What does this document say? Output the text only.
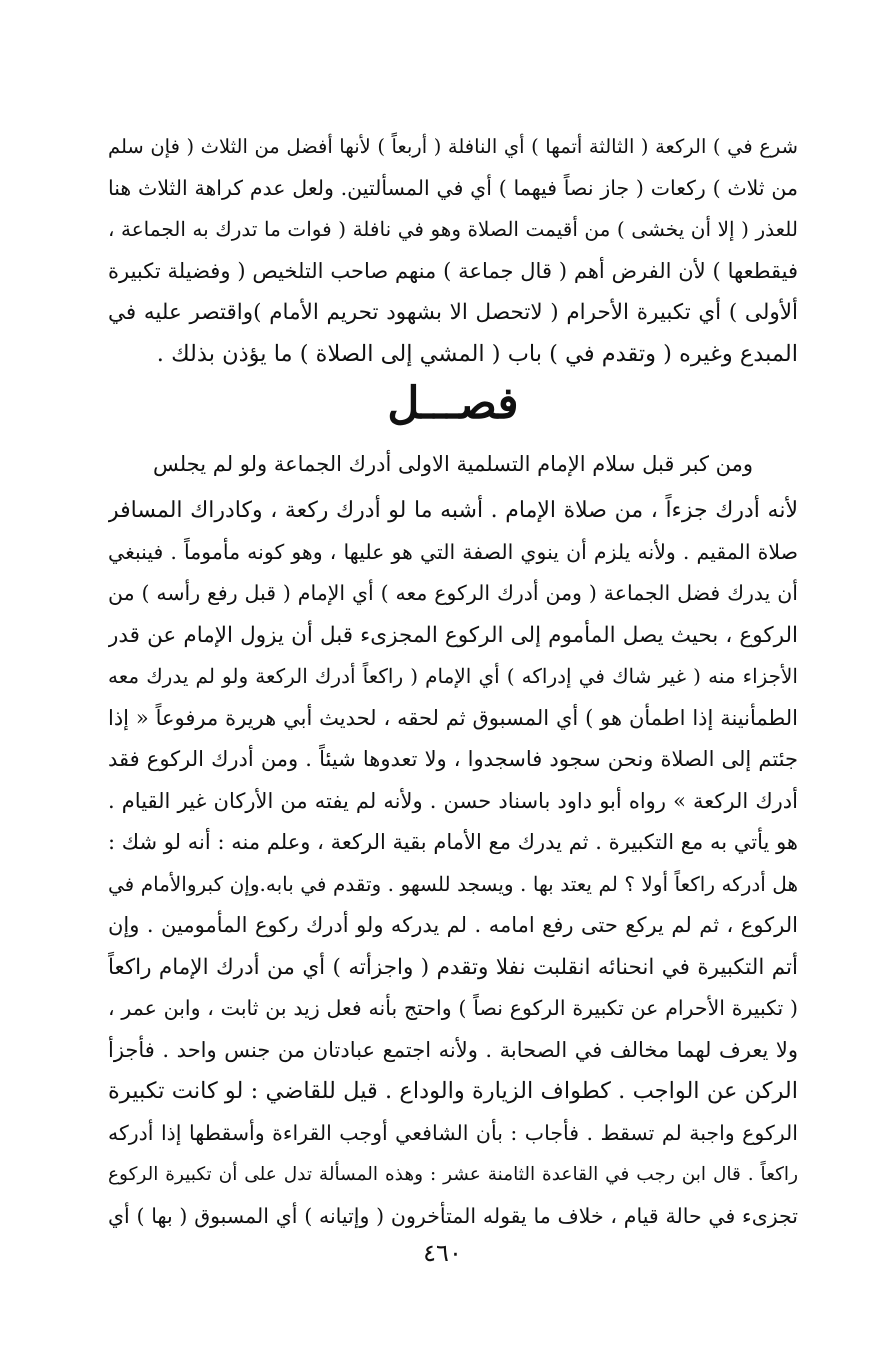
شرع في ) الركعة ( الثالثة أتمها ) أي النافلة ( أربعاً ) لأنها أفضل من الثلاث ( فإن سلم
من ثلاث ) ركعات ( جاز نصاً فيهما ) أي في المسألتين. ولعل عدم كراهة الثلاث هنا
للعذر ( إلا أن يخشى ) من أقيمت الصلاة وهو في نافلة ( فوات ما تدرك به الجماعة ،
فيقطعها ) لأن الفرض أهم ( قال جماعة ) منهم صاحب التلخيص ( وفضيلة تكبيرة
ألأولى ) أي تكبيرة الأحرام ( لاتحصل الا بشهود تحريم الأمام )واقتصر عليه في
المبدع وغيره ( وتقدم في ) باب ( المشي إلى الصلاة ) ما يؤذن بذلك .
فصـــل
ومن كبر قبل سلام الإمام التسلمية الاولى أدرك الجماعة ولو لم يجلس
لأنه أدرك جزءاً ، من صلاة الإمام . أشبه ما لو أدرك ركعة ، وكادراك المسافر
صلاة المقيم . ولأنه يلزم أن ينوي الصفة التي هو عليها ، وهو كونه مأموماً . فينبغي
أن يدرك فضل الجماعة ( ومن أدرك الركوع معه ) أي الإمام ( قبل رفع رأسه ) من
الركوع ، بحيث يصل المأموم إلى الركوع المجزىء قبل أن يزول الإمام عن قدر
الأجزاء منه ( غير شاك في إدراكه ) أي الإمام ( راكعاً أدرك الركعة ولو لم يدرك معه
الطمأنينة إذا اطمأن هو ) أي المسبوق ثم لحقه ، لحديث أبي هريرة مرفوعاً « إذا
جئتم إلى الصلاة ونحن سجود فاسجدوا ، ولا تعدوها شيئاً . ومن أدرك الركوع فقد
أدرك الركعة » رواه أبو داود باسناد حسن . ولأنه لم يفته من الأركان غير القيام .
هو يأتي به مع التكبيرة . ثم يدرك مع الأمام بقية الركعة ، وعلم منه : أنه لو شك :
هل أدركه راكعاً أولا ؟ لم يعتد بها . ويسجد للسهو . وتقدم في بابه.وإن كبروالأمام في
الركوع ، ثم لم يركع حتى رفع امامه . لم يدركه ولو أدرك ركوع المأمومين . وإن
أتم التكبيرة في انحنائه انقلبت نفلا وتقدم ( واجزأته ) أي من أدرك الإمام راكعاً
( تكبيرة الأحرام عن تكبيرة الركوع نصاً ) واحتج بأنه فعل زيد بن ثابت ، وابن عمر ،
ولا يعرف لهما مخالف في الصحابة . ولأنه اجتمع عبادتان من جنس واحد . فأجزأ
الركن عن الواجب . كطواف الزيارة والوداع . قيل للقاضي : لو كانت تكبيرة
الركوع واجبة لم تسقط . فأجاب : بأن الشافعي أوجب القراءة وأسقطها إذا أدركه
راكعاً . قال ابن رجب في القاعدة الثامنة عشر : وهذه المسألة تدل على أن تكبيرة الركوع
تجزىء في حالة قيام ، خلاف ما يقوله المتأخرون ( وإتيانه ) أي المسبوق ( بها ) أي
٤٦٠
